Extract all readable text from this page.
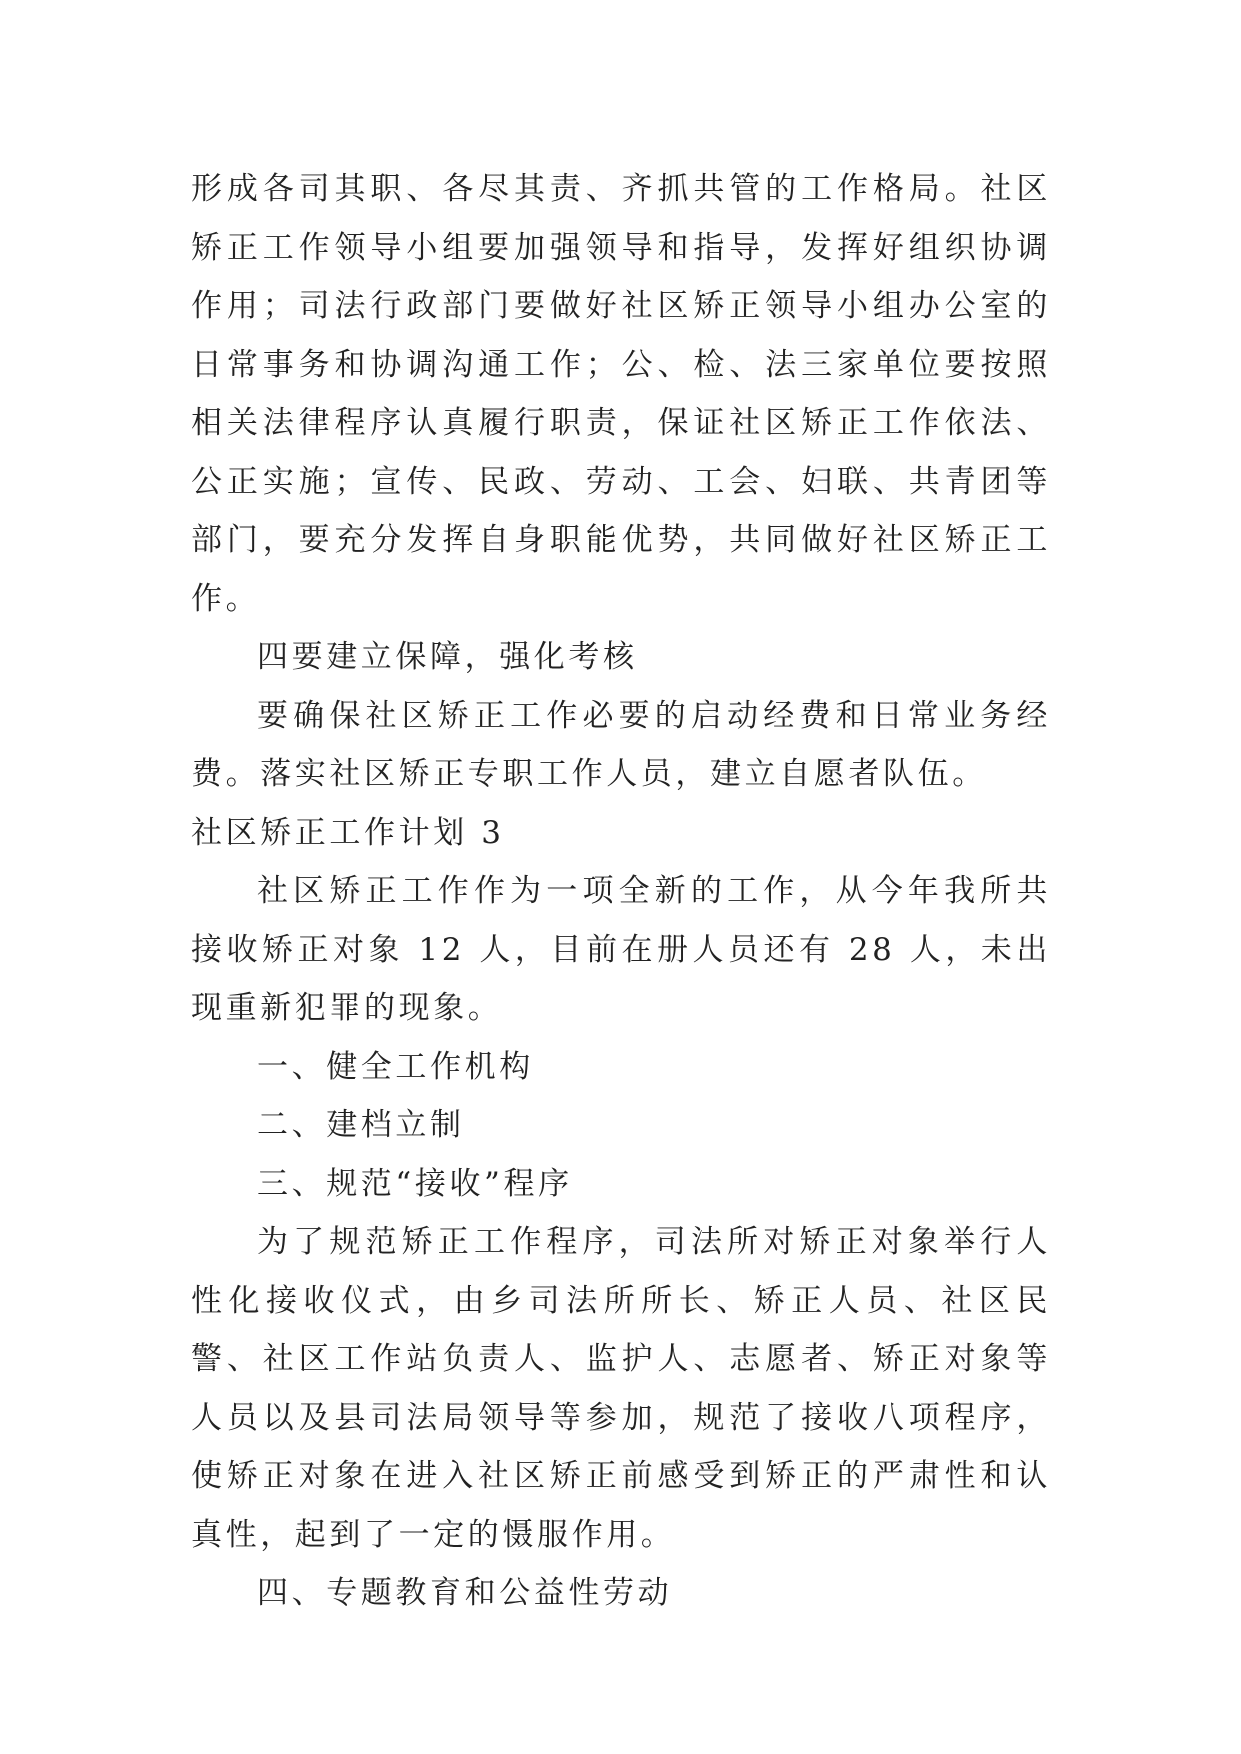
形成各司其职、各尽其责、齐抓共管的工作格局。社区矫正工作领导小组要加强领导和指导，发挥好组织协调作用；司法行政部门要做好社区矫正领导小组办公室的日常事务和协调沟通工作；公、检、法三家单位要按照相关法律程序认真履行职责，保证社区矫正工作依法、公正实施；宣传、民政、劳动、工会、妇联、共青团等部门，要充分发挥自身职能优势，共同做好社区矫正工作。

四要建立保障，强化考核

要确保社区矫正工作必要的启动经费和日常业务经费。落实社区矫正专职工作人员，建立自愿者队伍。

社区矫正工作计划 3

社区矫正工作作为一项全新的工作，从今年我所共接收矫正对象 12 人，目前在册人员还有 28 人，未出现重新犯罪的现象。

一、健全工作机构

二、建档立制

三、规范“接收”程序

为了规范矫正工作程序，司法所对矫正对象举行人性化接收仪式，由乡司法所所长、矫正人员、社区民警、社区工作站负责人、监护人、志愿者、矫正对象等人员以及县司法局领导等参加，规范了接收八项程序，使矫正对象在进入社区矫正前感受到矫正的严肃性和认真性，起到了一定的慑服作用。

四、专题教育和公益性劳动
